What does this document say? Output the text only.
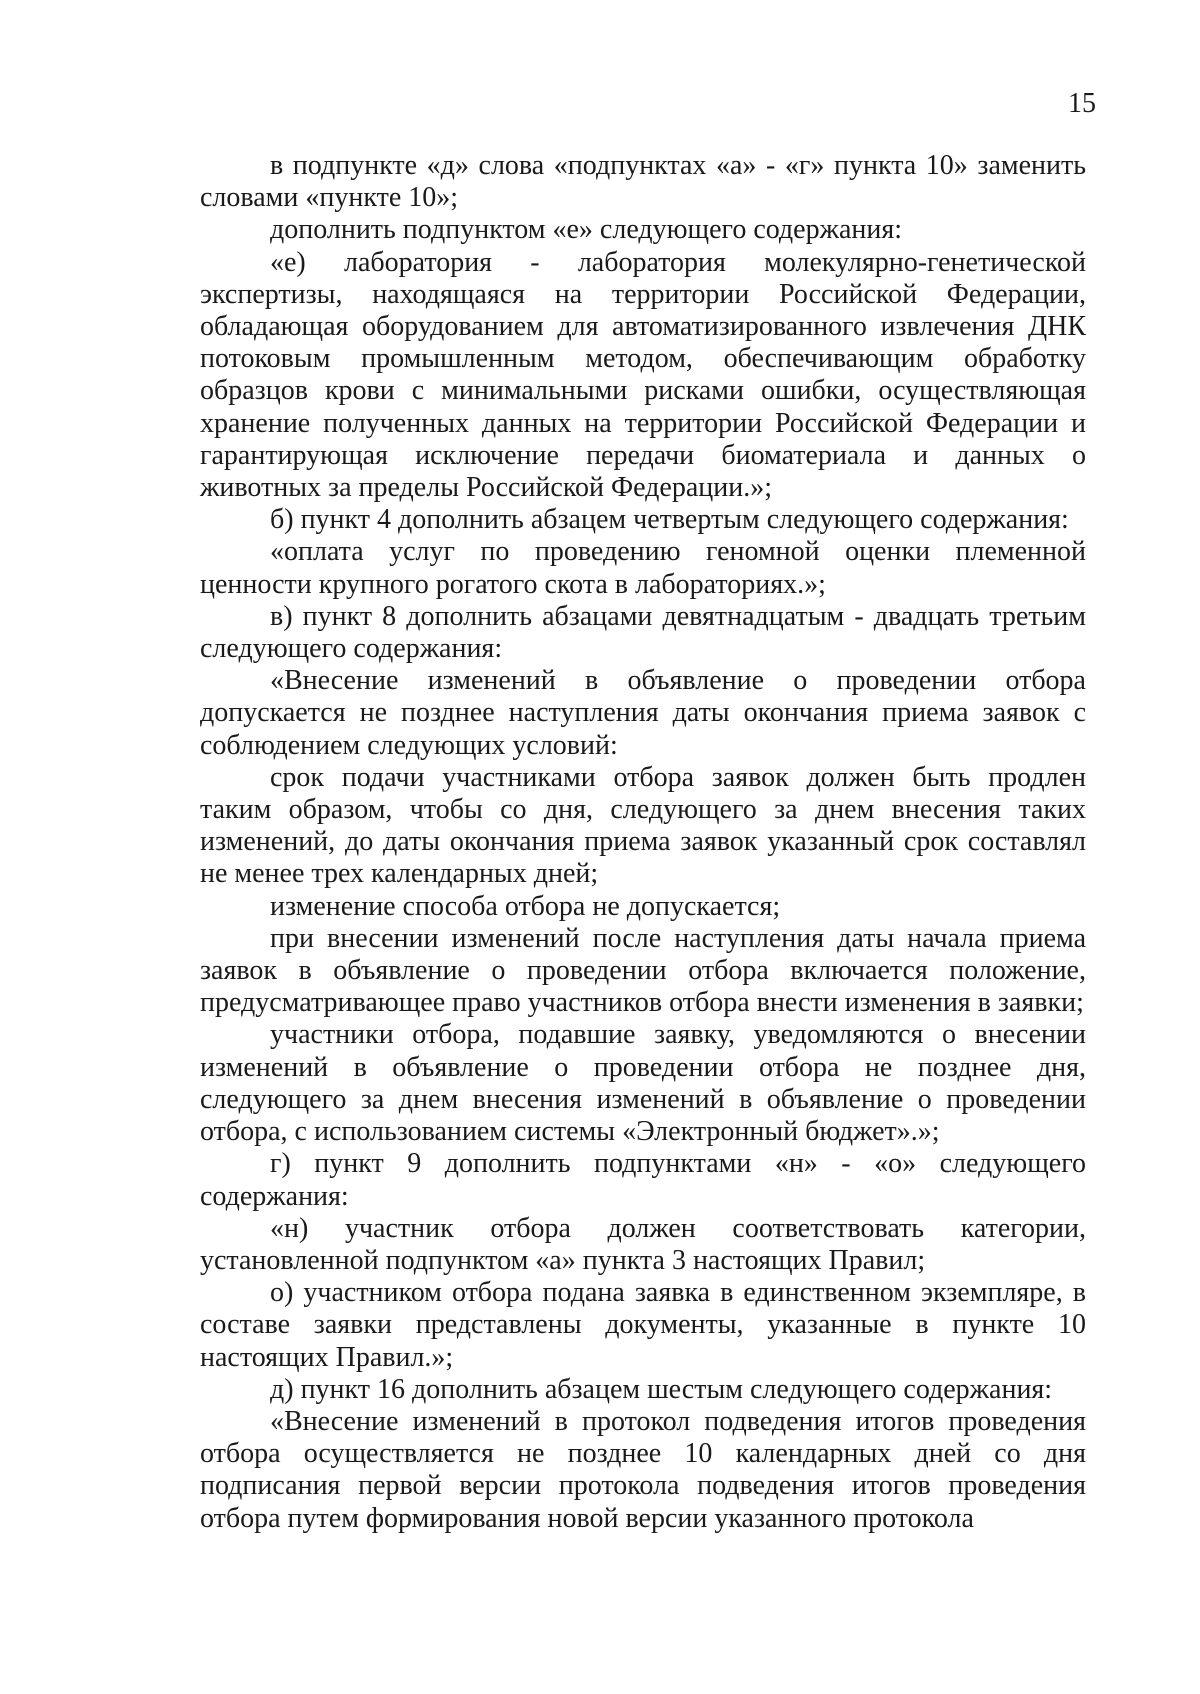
15

в подпункте «д» слова «подпунктах «а» - «г» пункта 10» заменить словами «пункте 10»;

дополнить подпунктом «е» следующего содержания:

«е) лаборатория - лаборатория молекулярно-генетической экспертизы, находящаяся на территории Российской Федерации, обладающая оборудованием для автоматизированного извлечения ДНК потоковым промышленным методом, обеспечивающим обработку образцов крови с минимальными рисками ошибки, осуществляющая хранение полученных данных на территории Российской Федерации и гарантирующая исключение передачи биоматериала и данных о животных за пределы Российской Федерации.»;

б) пункт 4 дополнить абзацем четвертым следующего содержания:

«оплата услуг по проведению геномной оценки племенной ценности крупного рогатого скота в лабораториях.»;

в) пункт 8 дополнить абзацами девятнадцатым - двадцать третьим следующего содержания:

«Внесение изменений в объявление о проведении отбора допускается не позднее наступления даты окончания приема заявок с соблюдением следующих условий:

срок подачи участниками отбора заявок должен быть продлен таким образом, чтобы со дня, следующего за днем внесения таких изменений, до даты окончания приема заявок указанный срок составлял не менее трех календарных дней;

изменение способа отбора не допускается;

при внесении изменений после наступления даты начала приема заявок в объявление о проведении отбора включается положение, предусматривающее право участников отбора внести изменения в заявки;

участники отбора, подавшие заявку, уведомляются о внесении изменений в объявление о проведении отбора не позднее дня, следующего за днем внесения изменений в объявление о проведении отбора, с использованием системы «Электронный бюджет».»;

г) пункт 9 дополнить подпунктами «н» - «о» следующего содержания:

«н) участник отбора должен соответствовать категории, установленной подпунктом «а» пункта 3 настоящих Правил;

о) участником отбора подана заявка в единственном экземпляре, в составе заявки представлены документы, указанные в пункте 10 настоящих Правил.»;

д) пункт 16 дополнить абзацем шестым следующего содержания:

«Внесение изменений в протокол подведения итогов проведения отбора осуществляется не позднее 10 календарных дней со дня подписания первой версии протокола подведения итогов проведения отбора путем формирования новой версии указанного протокола
